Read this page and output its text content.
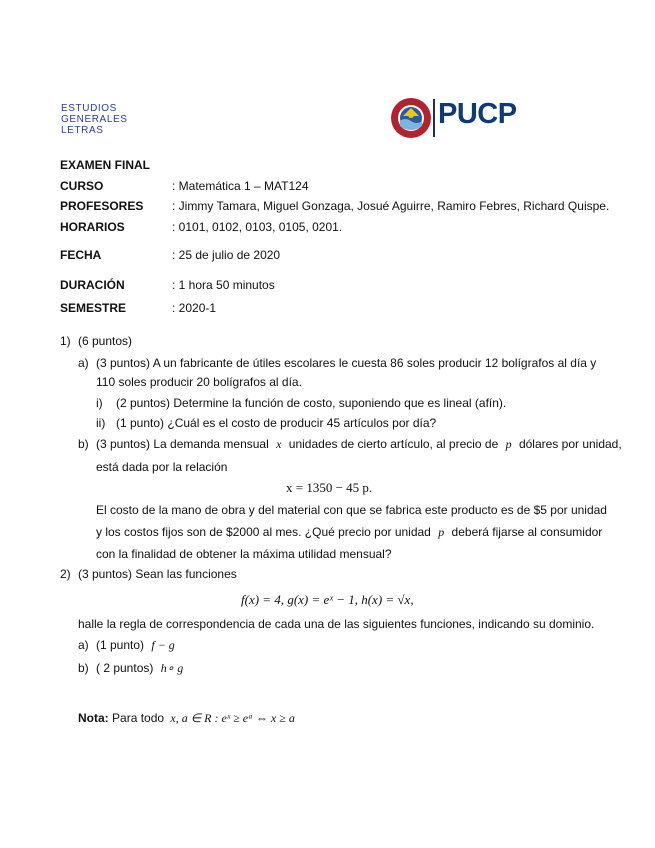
ESTUDIOS
GENERALES
LETRAS
PUCP
EXAMEN FINAL
CURSO	: Matemática 1 – MAT124
PROFESORES : Jimmy Tamara, Miguel Gonzaga, Josué Aguirre, Ramiro Febres, Richard Quispe.
HORARIOS	: 0101, 0102, 0103, 0105, 0201.
FECHA	: 25 de julio de 2020
DURACIÓN	: 1 hora 50 minutos
SEMESTRE	: 2020-1
1) (6 puntos)
a) (3 puntos) A un fabricante de útiles escolares le cuesta 86 soles producir 12 bolígrafos al día y
110 soles producir 20 bolígrafos al día.
i) (2 puntos) Determine la función de costo, suponiendo que es lineal (afín).
ii) (1 punto) ¿Cuál es el costo de producir 45 artículos por día?
b) (3 puntos) La demanda mensual x unidades de cierto artículo, al precio de p dólares por unidad,
está dada por la relación
x = 1350 − 45 p.
El costo de la mano de obra y del material con que se fabrica este producto es de $5 por unidad
y los costos fijos son de $2000 al mes. ¿Qué precio por unidad p deberá fijarse al consumidor
con la finalidad de obtener la máxima utilidad mensual?
2) (3 puntos) Sean las funciones
f(x) = 4, g(x) = eˣ − 1, h(x) = √x,
halle la regla de correspondencia de cada una de las siguientes funciones, indicando su dominio.
a) (1 punto) f − g
b) ( 2 puntos) h∘ g
Nota: Para todo x, a ∈ R : eˣ ≥ eᵃ ⇔ x ≥ a
